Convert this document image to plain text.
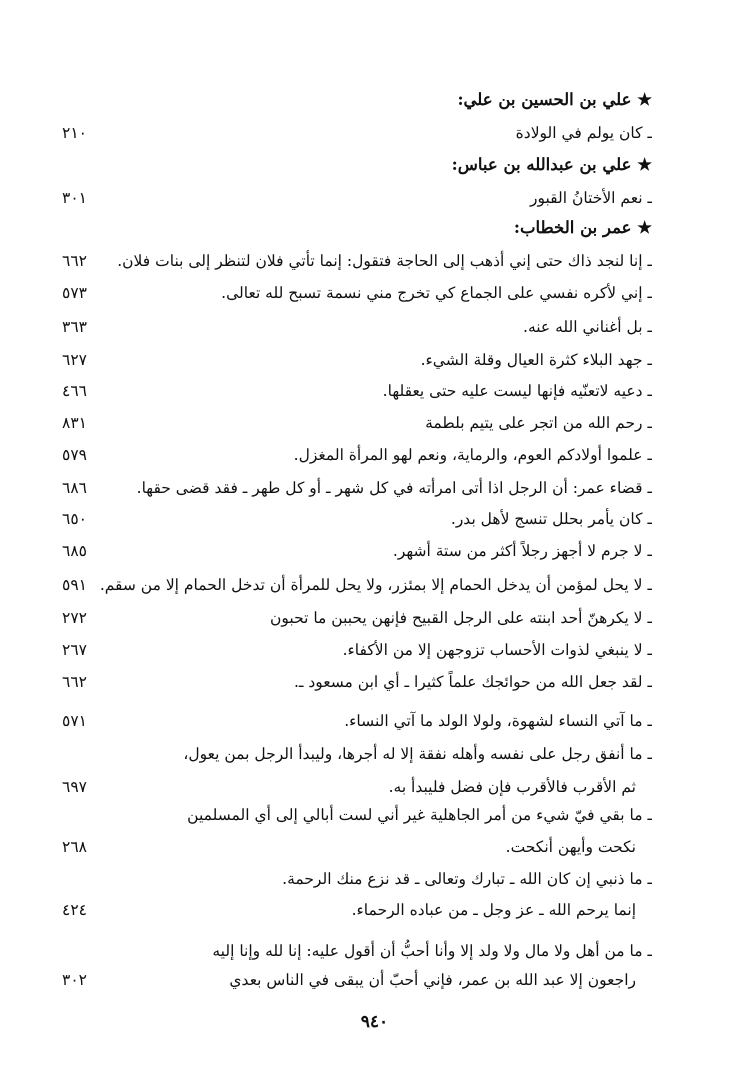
★ علي بن الحسين بن علي:
ـ كان يولم في الولادة
٢١٠
★ علي بن عبدالله بن عباس:
ـ نعم الأختانُ القبور
٣٠١
★ عمر بن الخطاب:
ـ إنا لنجد ذاك حتى إني أذهب إلى الحاجة فتقول: إنما تأتي فلان لتنظر إلى بنات فلان.
٦٦٢
ـ إني لأكره نفسي على الجماع كي تخرج مني نسمة تسبح لله تعالى.
٥٧٣
ـ بل أغناني الله عنه.
٣٦٣
ـ جهد البلاء كثرة العيال وقلة الشيء.
٦٢٧
ـ دعيه لاتعنّيه فإنها ليست عليه حتى يعقلها.
٤٦٦
ـ رحم الله من اتجر على يتيم بلطمة
٨٣١
ـ علموا أولادكم العوم، والرماية، ونعم لهو المرأة المغزل.
٥٧٩
ـ قضاء عمر: أن الرجل اذا أتى امرأته في كل شهر ـ أو كل طهر ـ فقد قضى حقها.
٦٨٦
ـ كان يأمر بحلل تنسج لأهل بدر.
٦٥٠
ـ لا جرم لا أجهز رجلاً أكثر من ستة أشهر.
٦٨٥
ـ لا يحل لمؤمن أن يدخل الحمام إلا بمئزر، ولا يحل للمرأة أن تدخل الحمام إلا من سقم.
٥٩١
ـ لا يكرهنّ أحد ابنته على الرجل القبيح فإنهن يحببن ما تحبون
٢٧٢
ـ لا ينبغي لذوات الأحساب تزوجهن إلا من الأكفاء.
٢٦٧
ـ لقد جعل الله من حوائجك علماً كثيرا ـ أي ابن مسعود ـ.
٦٦٢
ـ ما آتي النساء لشهوة، ولولا الولد ما آتي النساء.
٥٧١
ـ ما أنفق رجل على نفسه وأهله نفقة إلا له أجرها، وليبدأ الرجل بمن يعول،
ثم الأقرب فالأقرب فإن فضل فليبدأ به.
٦٩٧
ـ ما بقي فيّ شيء من أمر الجاهلية غير أني لست أبالي إلى أي المسلمين
نكحت وأيهن أنكحت.
٢٦٨
ـ ما ذنبي إن كان الله ـ تبارك وتعالى ـ قد نزع منك الرحمة.
إنما يرحم الله ـ عز وجل ـ من عباده الرحماء.
٤٢٤
ـ ما من أهل ولا مال ولا ولد إلا وأنا أحبُّ أن أقول عليه: إنا لله وإنا إليه
راجعون إلا عبد الله بن عمر، فإني أحبّ أن يبقى في الناس بعدي
٣٠٢
٩٤٠
